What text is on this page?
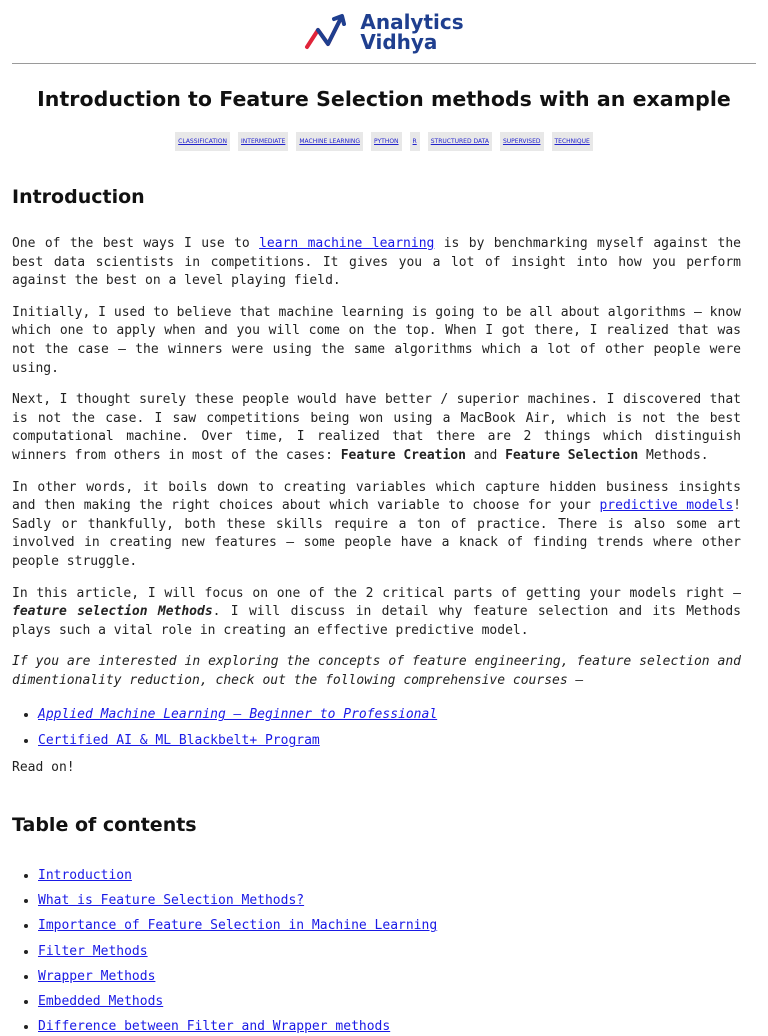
Analytics
Vidhya
Introduction to Feature Selection methods with an example
CLASSIFICATION	INTERMEDIATE	MACHINE LEARNING	PYTHON	R	STRUCTURED DATA	SUPERVISED	TECHNIQUE
Introduction

One of the best ways I use to learn machine learning is by benchmarking myself against the best data scientists in competitions. It gives you a lot of insight into how you perform against the best on a level playing field.

Initially, I used to believe that machine learning is going to be all about algorithms – know which one to apply when and you will come on the top. When I got there, I realized that was not the case – the winners were using the same algorithms which a lot of other people were using.

Next, I thought surely these people would have better / superior machines. I discovered that is not the case. I saw competitions being won using a MacBook Air, which is not the best computational machine. Over time, I realized that there are 2 things which distinguish winners from others in most of the cases: Feature Creation and Feature Selection Methods.

In other words, it boils down to creating variables which capture hidden business insights and then making the right choices about which variable to choose for your predictive models! Sadly or thankfully, both these skills require a ton of practice. There is also some art involved in creating new features – some people have a knack of finding trends where other people struggle.

In this article, I will focus on one of the 2 critical parts of getting your models right – feature selection Methods. I will discuss in detail why feature selection and its Methods plays such a vital role in creating an effective predictive model.

If you are interested in exploring the concepts of feature engineering, feature selection and dimentionality reduction, check out the following comprehensive courses –

• Applied Machine Learning – Beginner to Professional
• Certified AI & ML Blackbelt+ Program

Read on!

Table of contents
• Introduction
• What is Feature Selection Methods?
• Importance of Feature Selection in Machine Learning
• Filter Methods
• Wrapper Methods
• Embedded Methods
• Difference between Filter and Wrapper methods
